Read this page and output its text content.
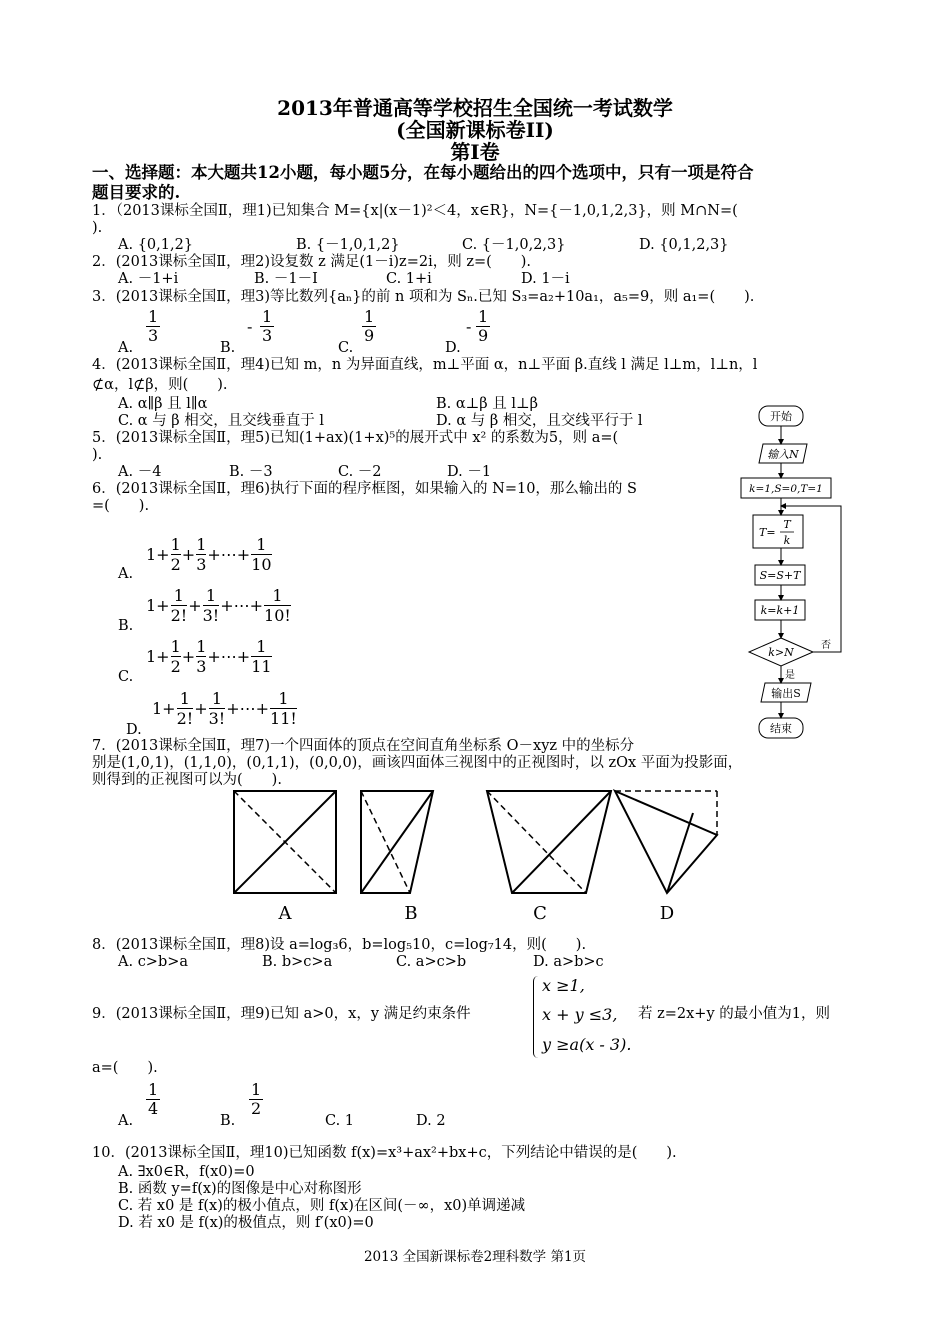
2013年普通高等学校招生全国统一考试数学
(全国新课标卷II)
第Ⅰ卷
一、选择题：本大题共12小题，每小题5分，在每小题给出的四个选项中，只有一项是符合
题目要求的.
1．（2013课标全国Ⅱ，理1)已知集合 M={x|(x－1)²＜4，x∈R}，N={－1,0,1,2,3}，则 M∩N=(
).
A. {0,1,2}	B. {－1,0,1,2}	C. {－1,0,2,3}	D. {0,1,2,3}
2．(2013课标全国Ⅱ，理2)设复数 z 满足(1－i)z=2i，则 z=(　　).
A. －1+i	B. －1－I	C. 1+i	D. 1－i
3．(2013课标全国Ⅱ，理3)等比数列{aₙ}的前 n 项和为 Sₙ.已知 S₃=a₂+10a₁，a₅=9，则 a₁=(　　).
A.
1
3
B.
-
1
3
C.
1
9
D.
-
1
9
4．(2013课标全国Ⅱ，理4)已知 m，n 为异面直线，m⊥平面 α，n⊥平面 β.直线 l 满足 l⊥m，l⊥n，l
⊄α，l⊄β，则(　　).
A. α∥β 且 l∥α	B. α⊥β 且 l⊥β
C. α 与 β 相交，且交线垂直于 l	D. α 与 β 相交，且交线平行于 l
5．(2013课标全国Ⅱ，理5)已知(1+ax)(1+x)⁵的展开式中 x² 的系数为5，则 a=(
).
A. －4	B. －3	C. －2	D. －1
6．(2013课标全国Ⅱ，理6)执行下面的程序框图，如果输入的 N=10，那么输出的 S
=(　　).
A.
1+
1
2
+
1
3
+⋯+
1
10
B.
1+
1
2!
+
1
3!
+⋯+
1
10!
C.
1+
1
2
+
1
3
+⋯+
1
11
D.
1+
1
2!
+
1
3!
+⋯+
1
11!
开始
输入N
k=1,S=0,T=1
T=
T
k
S=S+T
k=k+1
k>N
否
是
输出S
结束
7．(2013课标全国Ⅱ，理7)一个四面体的顶点在空间直角坐标系 O－xyz 中的坐标分
别是(1,0,1)，(1,1,0)，(0,1,1)，(0,0,0)，画该四面体三视图中的正视图时，以 zOx 平面为投影面，
则得到的正视图可以为(　　).
A	B	C	D
8．(2013课标全国Ⅱ，理8)设 a=log₃6，b=log₅10，c=log₇14，则(　　).
A. c>b>a	B. b>c>a	C. a>c>b	D. a>b>c
9．(2013课标全国Ⅱ，理9)已知 a>0，x，y 满足约束条件
x ≥1,
x + y ≤3,
y ≥a(x - 3).
若 z=2x+y 的最小值为1，则
a=(　　).
A.
1
4
B.
1
2
C. 1	D. 2
10．(2013课标全国Ⅱ，理10)已知函数 f(x)=x³+ax²+bx+c，下列结论中错误的是(　　).
A. ∃x0∈R，f(x0)=0
B. 函数 y=f(x)的图像是中心对称图形
C. 若 x0 是 f(x)的极小值点，则 f(x)在区间(－∞，x0)单调递减
D. 若 x0 是 f(x)的极值点，则 f′(x0)=0
2013 全国新课标卷2理科数学 第1页
